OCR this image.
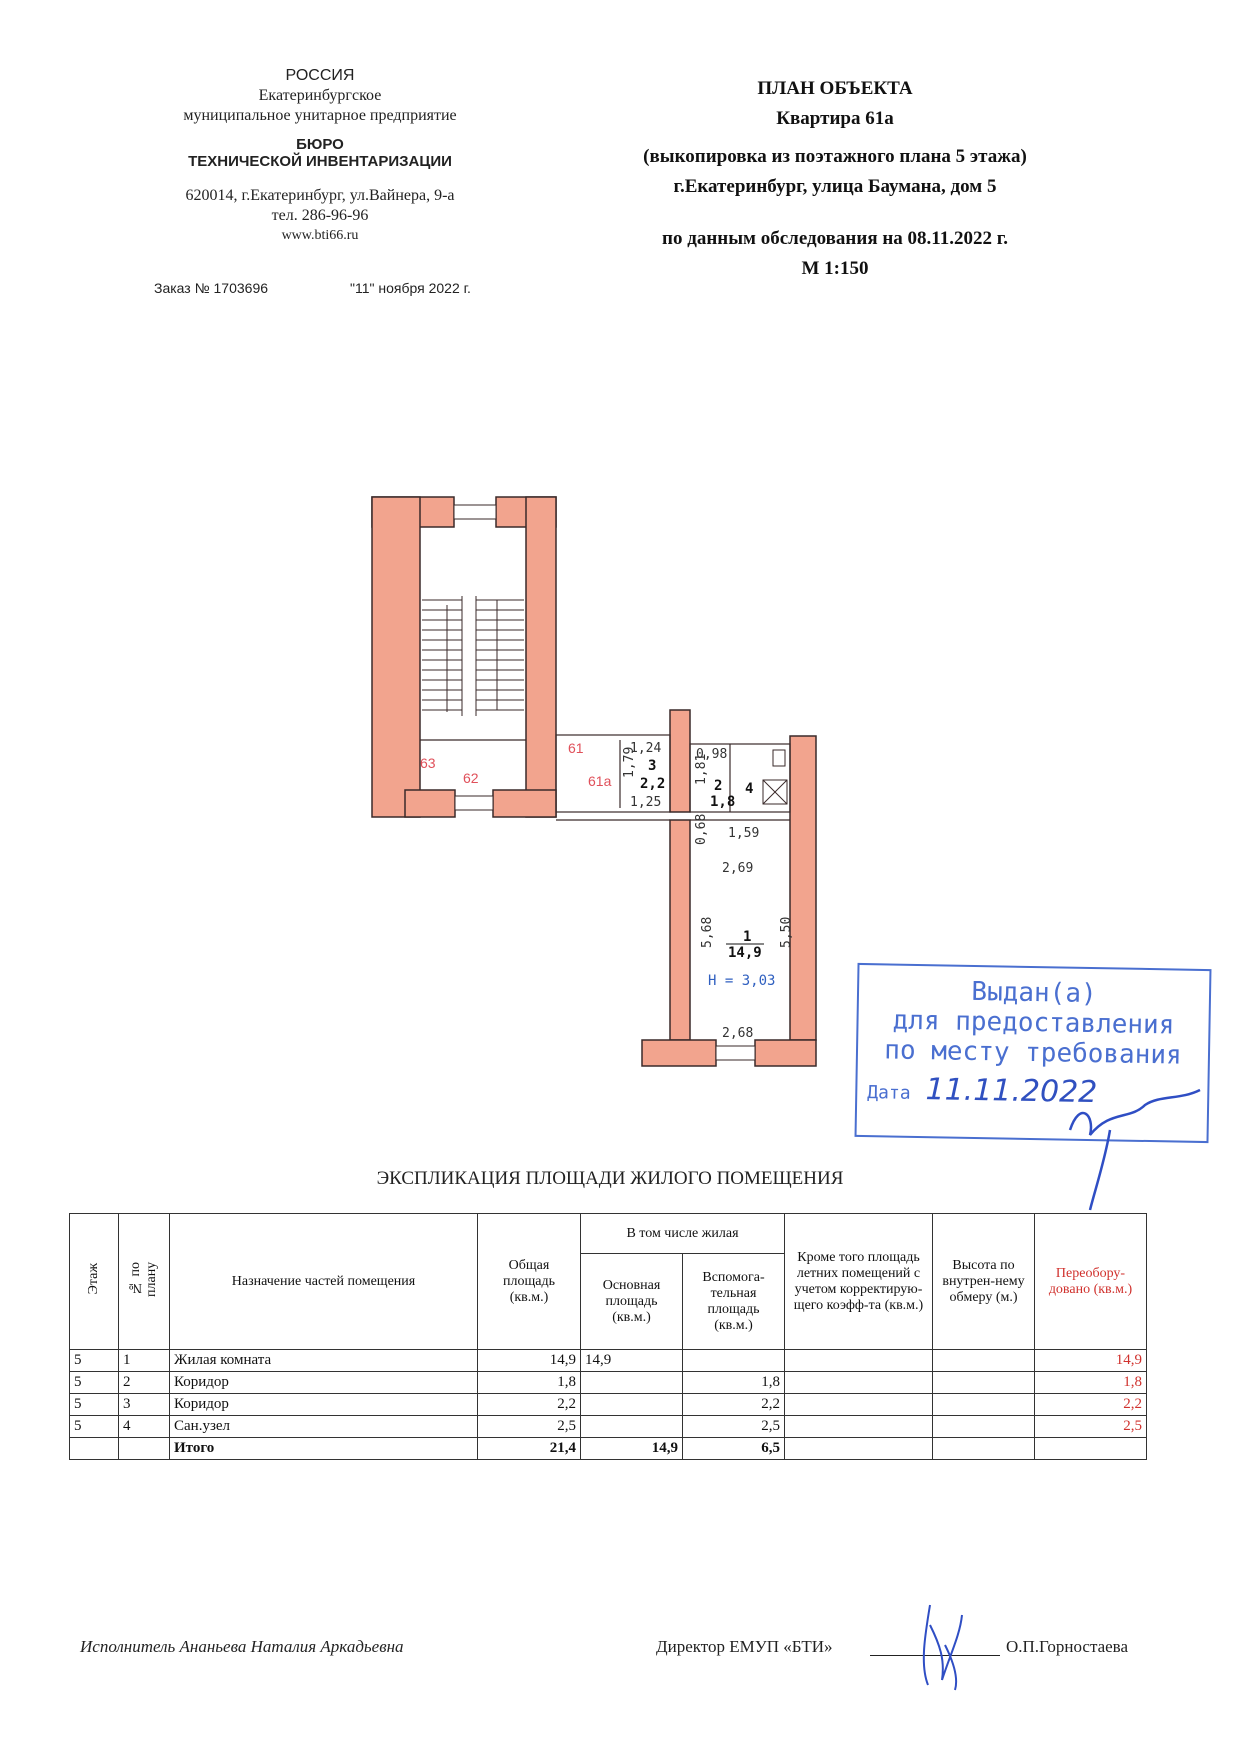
РОССИЯ
Екатеринбургское
муниципальное унитарное предприятие
БЮРО
ТЕХНИЧЕСКОЙ ИНВЕНТАРИЗАЦИИ
620014, г.Екатеринбург, ул.Вайнера, 9-а
тел. 286-96-96
www.bti66.ru
Заказ № 1703696	"11" ноября 2022 г.
ПЛАН ОБЪЕКТА
Квартира 61а
(выкопировка из поэтажного плана 5 этажа)
г.Екатеринбург, улица Баумана, дом 5
по данным обследования на 08.11.2022 г.
М 1:150
61
61а
62
63
1,24
1,25
0,98
1,59
2,69
2,68
1,79	1,81
0,68
5,68	5,50
3
2,2	2
1,8
4
1
14,9
H = 3,03	Выдан(а)
для предоставления
по месту требования
Дата 11.11.2022
ЭКСПЛИКАЦИЯ ПЛОЩАДИ ЖИЛОГО ПОМЕЩЕНИЯ
Этаж	№ по плану	Назначение частей помещения	Общая площадь (кв.м.)	В том числе жилая		Кроме того площадь летних помещений с учетом корректирую-щего коэфф-та (кв.м.)	Высота по внутрен-нему обмеру (м.)	Переобору-довано (кв.м.)
				Основная площадь (кв.м.)	Вспомога-тельная площадь (кв.м.)			
5	1	Жилая комната	14,9	14,9				14,9
5	2	Коридор	1,8		1,8			1,8
5	3	Коридор	2,2		2,2			2,2
5	4	Сан.узел	2,5		2,5			2,5
		Итого	21,4	14,9	6,5			
Исполнитель Ананьева Наталия Аркадьевна	Директор ЕМУП «БТИ»	О.П.Горностаева
